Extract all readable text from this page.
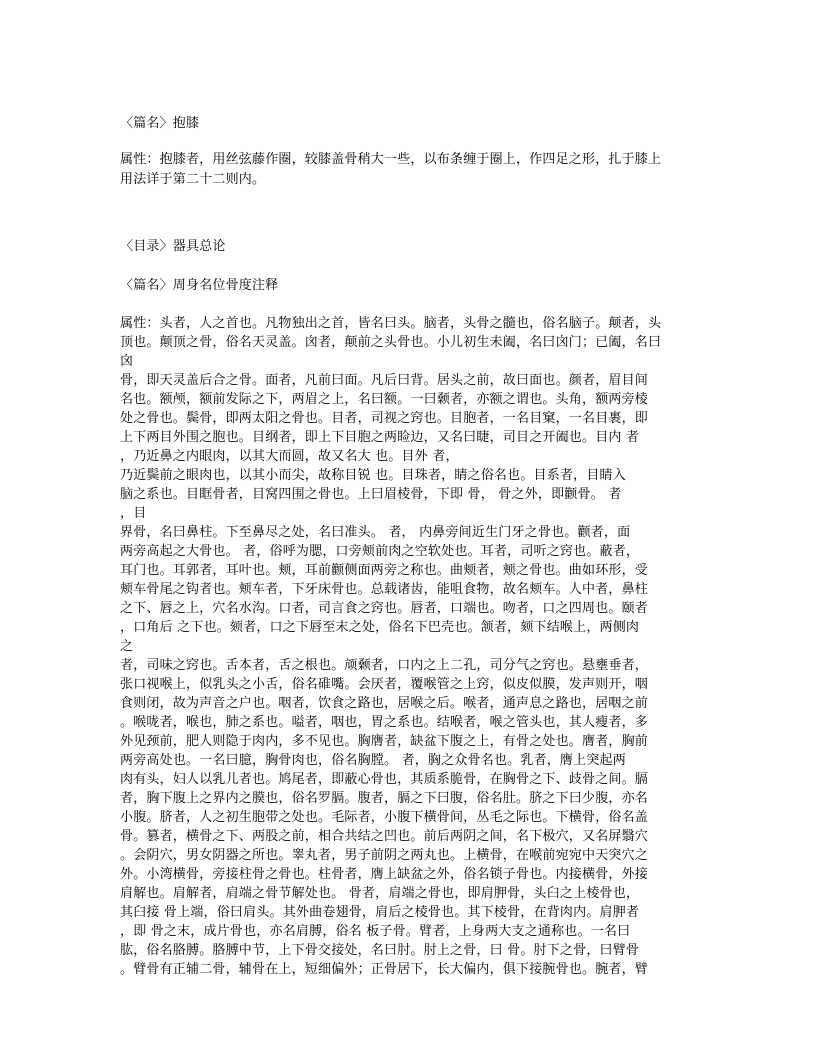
〈篇名〉抱膝
属性：抱膝者，用丝弦藤作圈，较膝盖骨稍大一些，以布条缠于圈上，作四足之形，扎于膝上
用法详于第二十二则内。
〈目录〉器具总论
〈篇名〉周身名位骨度注释
属性：头者，人之首也。凡物独出之首，皆名曰头。脑者，头骨之髓也，俗名脑子。颠者，头
顶也。颠顶之骨，俗名天灵盖。囟者，颠前之头骨也。小儿初生未阖，名曰囟门；已阖，名曰
囟
骨，即天灵盖后合之骨。面者，凡前曰面。凡后曰背。居头之前，故曰面也。颜者，眉目间
名也。额颅，额前发际之下，两眉之上，名曰额。一曰颡者，亦额之谓也。头角，额两旁棱
处之骨也。鬓骨，即两太阳之骨也。目者，司视之窍也。目胞者，一名目窠，一名目裹，即
上下两目外围之胞也。目纲者，即上下目胞之两睑边，又名曰睫，司目之开阖也。目内 者
，乃近鼻之内眼肉，以其大而圆，故又名大 也。目外 者，
乃近鬓前之眼肉也，以其小而尖，故称目锐 也。目珠者，睛之俗名也。目系者，目睛入
脑之系也。目眶骨者，目窝四围之骨也。上曰眉棱骨，下即 骨， 骨之外，即颧骨。 者
，目
界骨，名曰鼻柱。下至鼻尽之处，名曰准头。 者， 内鼻旁间近生门牙之骨也。颧者，面
两旁高起之大骨也。 者，俗呼为腮，口旁颊前肉之空软处也。耳者，司听之窍也。蔽者，
耳门也。耳郭者，耳叶也。颊，耳前颧侧面两旁之称也。曲颊者，颊之骨也。曲如环形，受
颊车骨尾之钩者也。颊车者，下牙床骨也。总载诸齿，能咀食物，故名颊车。人中者，鼻柱
之下、唇之上，穴名水沟。口者，司言食之窍也。唇者，口端也。吻者，口之四周也。颐者
，口角后 之下也。颏者，口之下唇至末之处，俗名下巴壳也。颔者，颏下结喉上，两侧肉
之
者，司味之窍也。舌本者，舌之根也。颃颡者，口内之上二孔，司分气之窍也。悬壅垂者，
张口视喉上，似乳头之小舌，俗名碓嘴。会厌者，覆喉管之上窍，似皮似膜，发声则开，咽
食则闭，故为声音之户也。咽者，饮食之路也，居喉之后。喉者，通声息之路也，居咽之前
。喉咙者，喉也，肺之系也。嗌者，咽也，胃之系也。结喉者，喉之管头也，其人瘦者，多
外见颈前，肥人则隐于肉内，多不见也。胸膺者，缺盆下腹之上，有骨之处也。膺者，胸前
两旁高处也。一名曰臆，胸骨肉也，俗名胸膛。 者，胸之众骨名也。乳者，膺上突起两
肉有头，妇人以乳儿者也。鸠尾者，即蔽心骨也，其质系脆骨，在胸骨之下、歧骨之间。膈
者，胸下腹上之界内之膜也，俗名罗膈。腹者，膈之下曰腹，俗名肚。脐之下曰少腹，亦名
小腹。脐者，人之初生胞带之处也。毛际者，小腹下横骨间，丛毛之际也。下横骨，俗名盖
骨。篡者，横骨之下、两股之前，相合共结之凹也。前后两阴之间，名下极穴，又名屏翳穴
。会阴穴，男女阴器之所也。睾丸者，男子前阴之两丸也。上横骨，在喉前宛宛中天突穴之
外。小湾横骨，旁接柱骨之骨也。柱骨者，膺上缺盆之外，俗名锁子骨也。内接横骨，外接
肩解也。肩解者，肩端之骨节解处也。 骨者，肩端之骨也，即肩胛骨，头臼之上棱骨也，
其臼接 骨上端，俗曰肩头。其外曲卷翅骨，肩后之棱骨也。其下棱骨，在背肉内。肩胛者
，即 骨之末，成片骨也，亦名肩膊，俗名 板子骨。臂者，上身两大支之通称也。一名曰
肱，俗名胳膊。胳膊中节，上下骨交接处，名曰肘。肘上之骨，曰 骨。肘下之骨，曰臂骨
。臂骨有正辅二骨，辅骨在上，短细偏外；正骨居下，长大偏内，俱下接腕骨也。腕者，臂
